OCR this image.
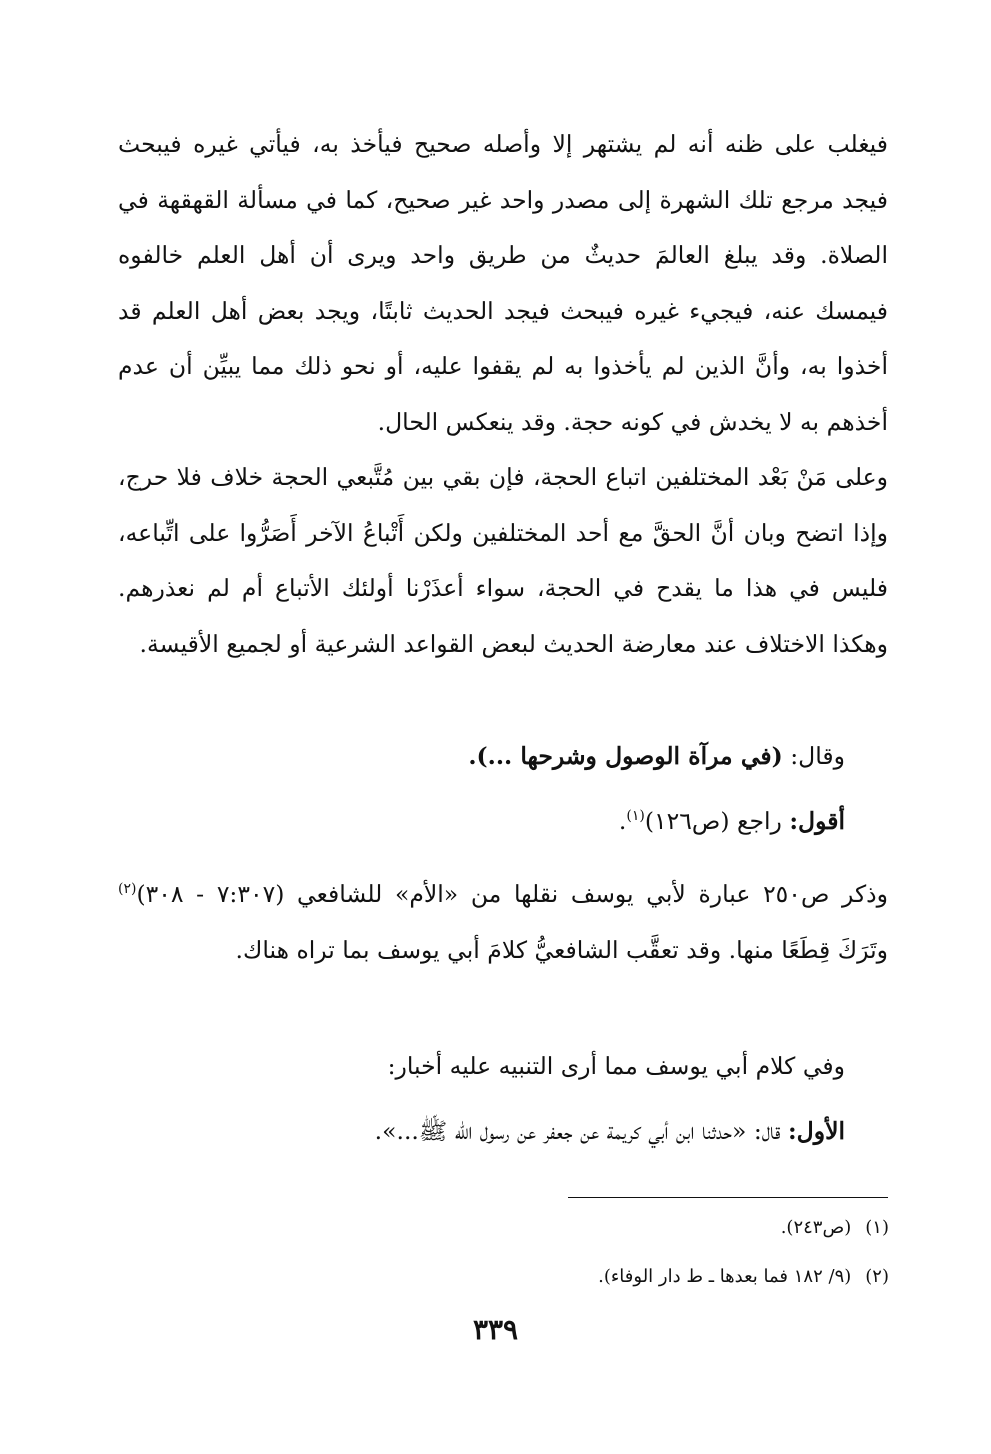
فيغلب على ظنه أنه لم يشتهر إلا وأصله صحيح فيأخذ به، فيأتي غيره فيبحث فيجد مرجع تلك الشهرة إلى مصدر واحد غير صحيح، كما في مسألة القهقهة في الصلاة. وقد يبلغ العالمَ حديثٌ من طريق واحد ويرى أن أهل العلم خالفوه فيمسك عنه، فيجيء غيره فيبحث فيجد الحديث ثابتًا، ويجد بعض أهل العلم قد أخذوا به، وأنَّ الذين لم يأخذوا به لم يقفوا عليه، أو نحو ذلك مما يبيِّن أن عدم أخذهم به لا يخدش في كونه حجة. وقد ينعكس الحال.

وعلى مَنْ بَعْد المختلفين اتباع الحجة، فإن بقي بين مُتَّبعي الحجة خلاف فلا حرج، وإذا اتضح وبان أنَّ الحقَّ مع أحد المختلفين ولكن أَتْباعُ الآخر أَصَرُّوا على اتِّباعه، فليس في هذا ما يقدح في الحجة، سواء أعذَرْنا أولئك الأتباع أم لم نعذرهم. وهكذا الاختلاف عند معارضة الحديث لبعض القواعد الشرعية أو لجميع الأقيسة.

وقال: (في مرآة الوصول وشرحها ...).

أقول: راجع (ص١٢٦)$^{(١)}$.

وذكر ص٢٥٠ عبارة لأبي يوسف نقلها من «الأم» للشافعي (٧:٣٠٧ - ٣٠٨)$^{(٢)}$ وتَرَكَ قِطَعًا منها. وقد تعقَّب الشافعيُّ كلامَ أبي يوسف بما تراه هناك.

وفي كلام أبي يوسف مما أرى التنبيه عليه أخبار:

الأول: قال: «حدثنا ابن أبي كريمة عن جعفر عن رسول الله ﷺ...».

(١)(ص٢٤٣).

(٢)(٩/ ١٨٢ فما بعدها ـ ط دار الوفاء).

٣٣٩
